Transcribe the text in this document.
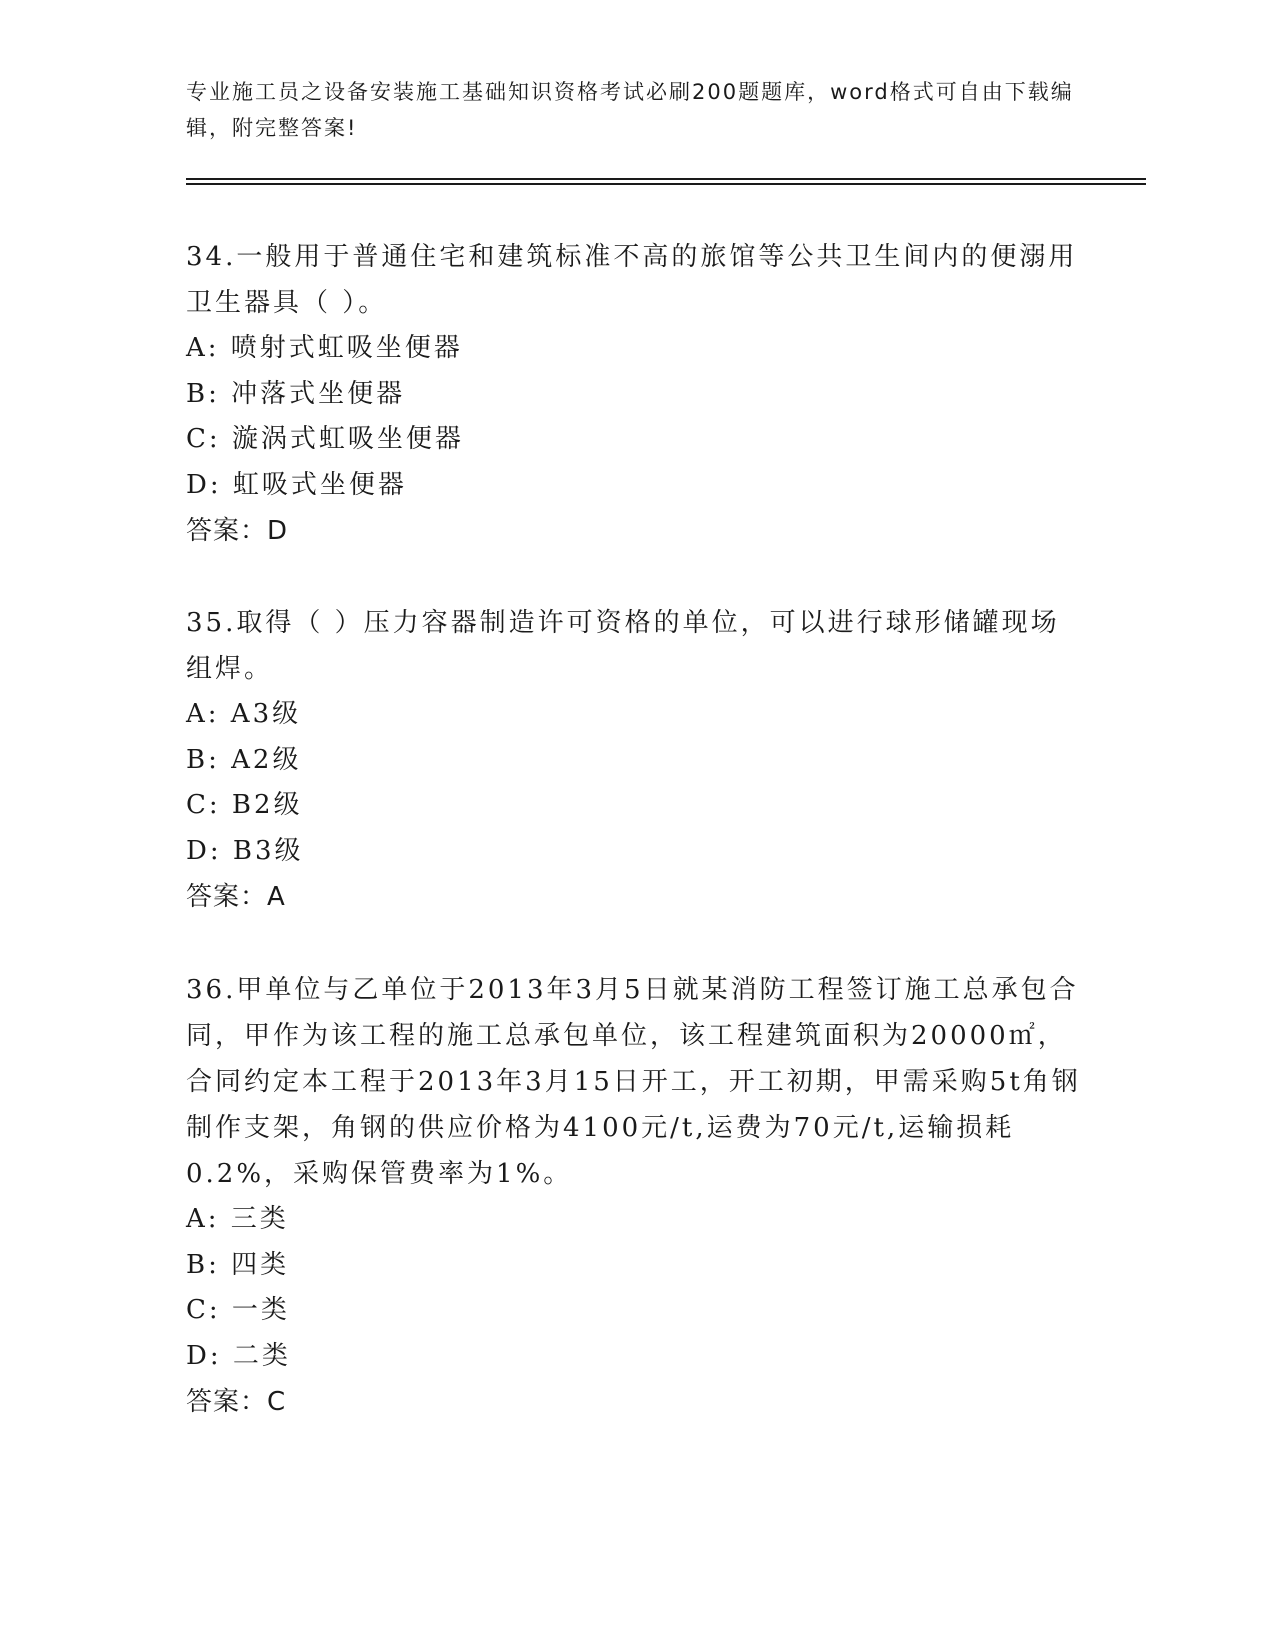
专业施工员之设备安装施工基础知识资格考试必刷200题题库，word格式可自由下载编辑，附完整答案!
34.一般用于普通住宅和建筑标准不高的旅馆等公共卫生间内的便溺用卫生器具（ ）。
A: 喷射式虹吸坐便器
B: 冲落式坐便器
C: 漩涡式虹吸坐便器
D: 虹吸式坐便器
答案：D
35.取得（ ）压力容器制造许可资格的单位，可以进行球形储罐现场组焊。
A: A3级
B: A2级
C: B2级
D: B3级
答案：A
36.甲单位与乙单位于2013年3月5日就某消防工程签订施工总承包合同，甲作为该工程的施工总承包单位，该工程建筑面积为20000㎡，合同约定本工程于2013年3月15日开工，开工初期，甲需采购5t角钢制作支架，角钢的供应价格为4100元/t,运费为70元/t,运输损耗0.2%，采购保管费率为1%。
A: 三类
B: 四类
C: 一类
D: 二类
答案：C
